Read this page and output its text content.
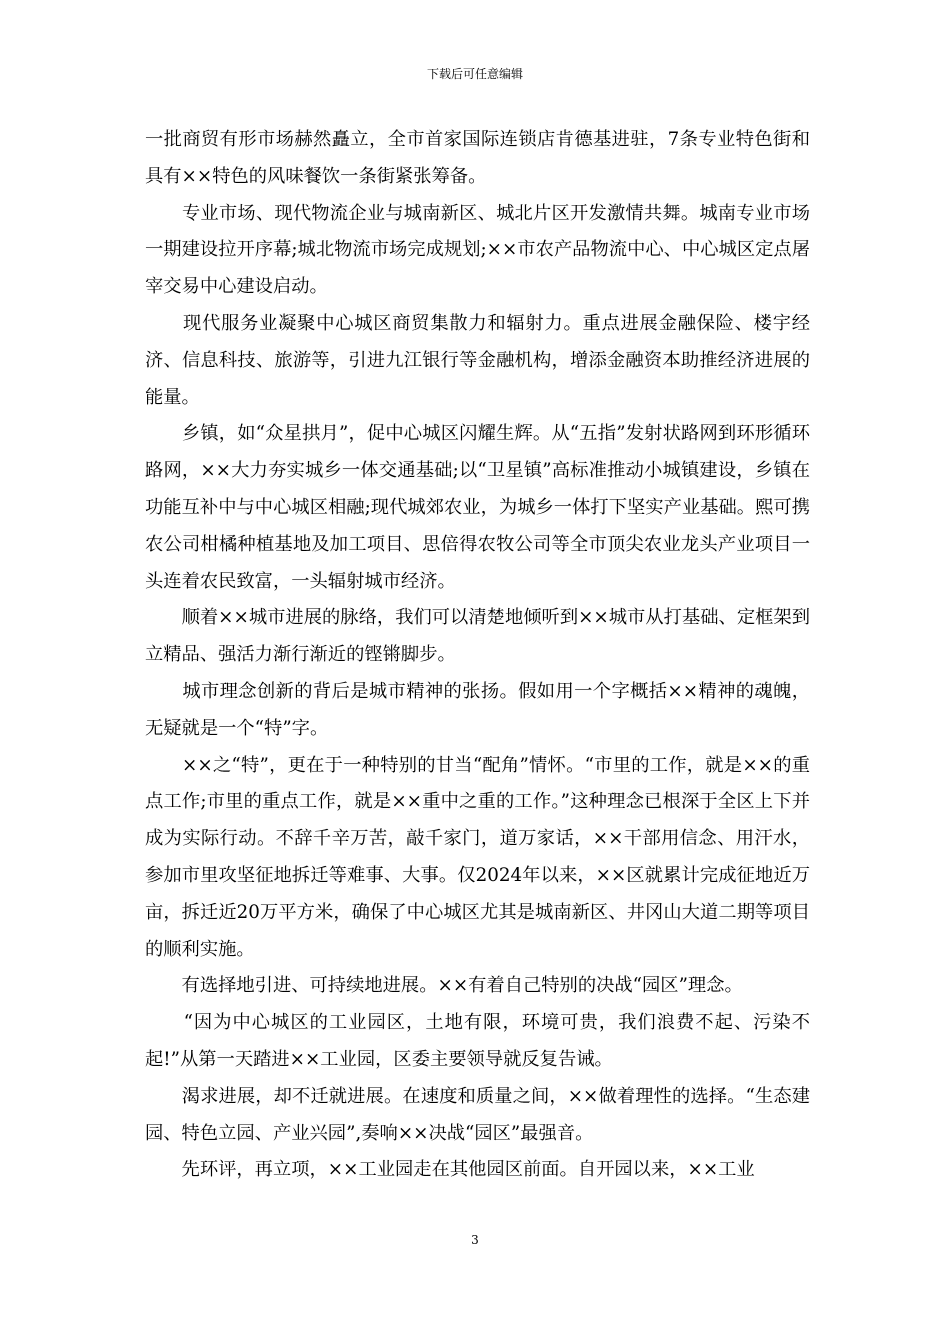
下载后可任意编辑

一批商贸有形市场赫然矗立，全市首家国际连锁店肯德基进驻，7条专业特色街和具有××特色的风味餐饮一条街紧张筹备。

　　专业市场、现代物流企业与城南新区、城北片区开发激情共舞。城南专业市场一期建设拉开序幕;城北物流市场完成规划;××市农产品物流中心、中心城区定点屠宰交易中心建设启动。

　　现代服务业凝聚中心城区商贸集散力和辐射力。重点进展金融保险、楼宇经济、信息科技、旅游等，引进九江银行等金融机构，增添金融资本助推经济进展的能量。

　　乡镇，如“众星拱月”，促中心城区闪耀生辉。从“五指”发射状路网到环形循环路网，××大力夯实城乡一体交通基础;以“卫星镇”高标准推动小城镇建设，乡镇在功能互补中与中心城区相融;现代城郊农业，为城乡一体打下坚实产业基础。熙可携农公司柑橘种植基地及加工项目、思倍得农牧公司等全市顶尖农业龙头产业项目一头连着农民致富，一头辐射城市经济。

　　顺着××城市进展的脉络，我们可以清楚地倾听到××城市从打基础、定框架到立精品、强活力渐行渐近的铿锵脚步。

　　城市理念创新的背后是城市精神的张扬。假如用一个字概括××精神的魂魄，无疑就是一个“特”字。

　　××之“特”，更在于一种特别的甘当“配角”情怀。“市里的工作，就是××的重点工作;市里的重点工作，就是××重中之重的工作。”这种理念已根深于全区上下并成为实际行动。不辞千辛万苦，敲千家门，道万家话，××干部用信念、用汗水，参加市里攻坚征地拆迁等难事、大事。仅2024年以来，××区就累计完成征地近万亩，拆迁近20万平方米，确保了中心城区尤其是城南新区、井冈山大道二期等项目的顺利实施。

　　有选择地引进、可持续地进展。××有着自己特别的决战“园区”理念。

　　“因为中心城区的工业园区，土地有限，环境可贵，我们浪费不起、污染不起!”从第一天踏进××工业园，区委主要领导就反复告诫。

　　渴求进展，却不迁就进展。在速度和质量之间，××做着理性的选择。“生态建园、特色立园、产业兴园”,奏响××决战“园区”最强音。

　　先环评，再立项，××工业园走在其他园区前面。自开园以来，××工业

3
